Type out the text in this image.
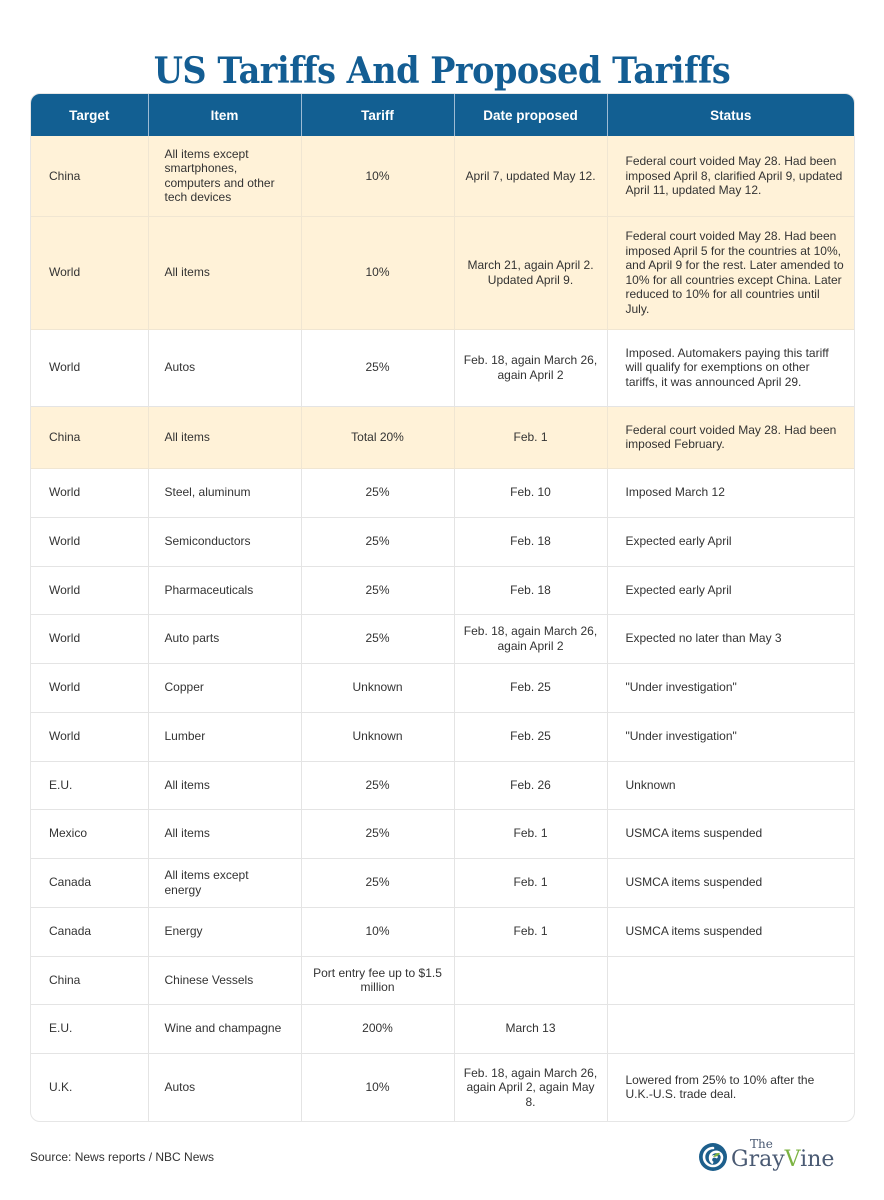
US Tariffs And Proposed Tariffs
Target	Item	Tariff	Date proposed	Status
China	All items except smartphones, computers and other tech devices	10%	April 7, updated May 12.	Federal court voided May 28. Had been imposed April 8, clarified April 9, updated April 11, updated May 12.
World	All items	10%	March 21, again April 2. Updated April 9.	Federal court voided May 28. Had been imposed April 5 for the countries at 10%, and April 9 for the rest. Later amended to 10% for all countries except China. Later reduced to 10% for all countries until July.
World	Autos	25%	Feb. 18, again March 26, again April 2	Imposed. Automakers paying this tariff will qualify for exemptions on other tariffs, it was announced April 29.
China	All items	Total 20%	Feb. 1	Federal court voided May 28. Had been imposed February.
World	Steel, aluminum	25%	Feb. 10	Imposed March 12
World	Semiconductors	25%	Feb. 18	Expected early April
World	Pharmaceuticals	25%	Feb. 18	Expected early April
World	Auto parts	25%	Feb. 18, again March 26, again April 2	Expected no later than May 3
World	Copper	Unknown	Feb. 25	"Under investigation"
World	Lumber	Unknown	Feb. 25	"Under investigation"
E.U.	All items	25%	Feb. 26	Unknown
Mexico	All items	25%	Feb. 1	USMCA items suspended
Canada	All items except energy	25%	Feb. 1	USMCA items suspended
Canada	Energy	10%	Feb. 1	USMCA items suspended
China	Chinese Vessels	Port entry fee up to $1.5 million		
E.U.	Wine and champagne	200%	March 13	
U.K.	Autos	10%	Feb. 18, again March 26, again April 2, again May 8.	Lowered from 25% to 10% after the U.K.-U.S. trade deal.
Source: News reports / NBC News
The
GrayVine
